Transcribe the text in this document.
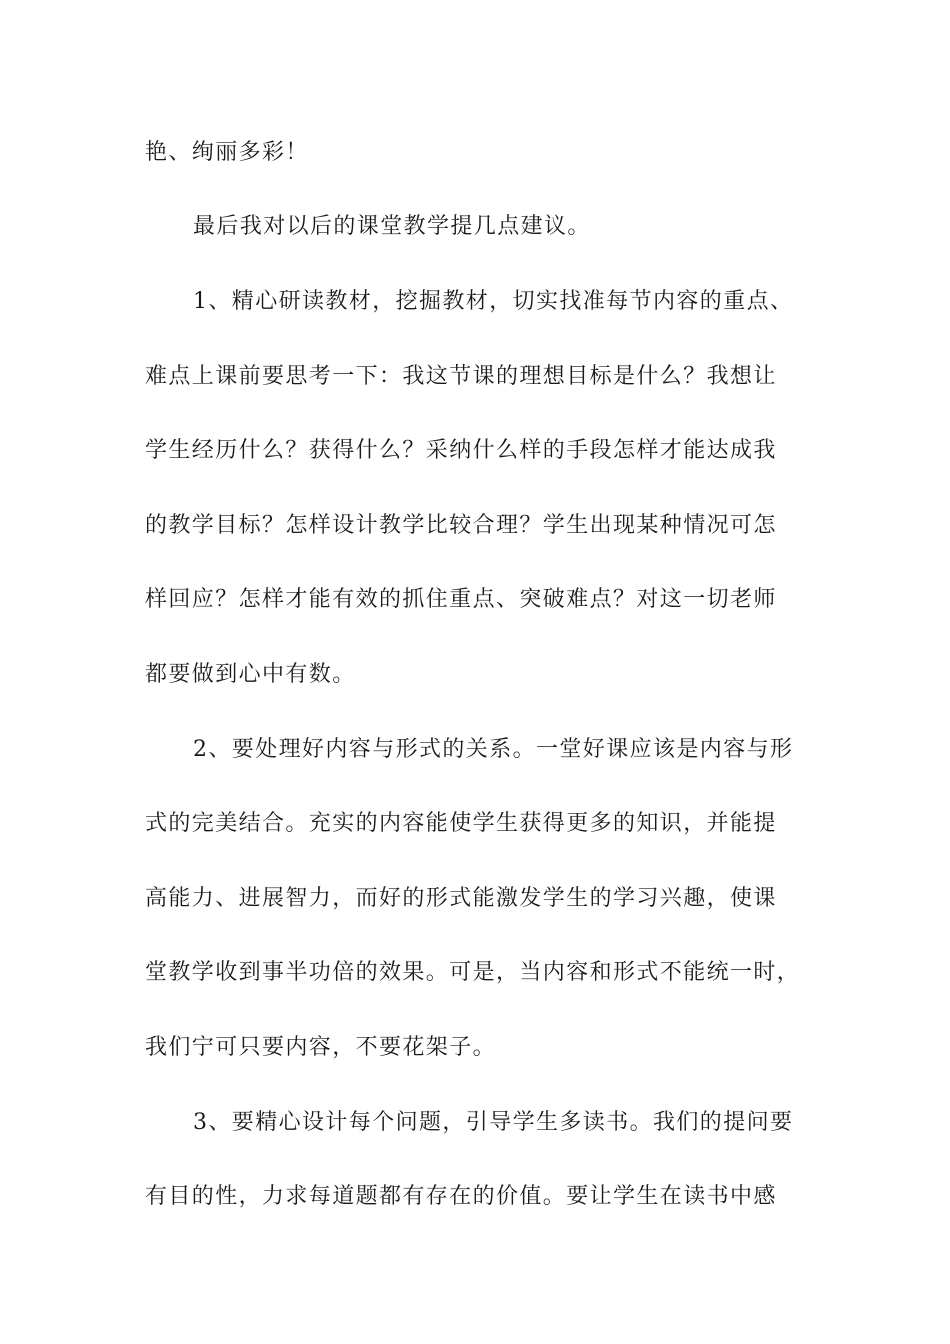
艳、绚丽多彩！
最后我对以后的课堂教学提几点建议。
1、精心研读教材，挖掘教材，切实找准每节内容的重点、
难点上课前要思考一下：我这节课的理想目标是什么？我想让
学生经历什么？获得什么？采纳什么样的手段怎样才能达成我
的教学目标？怎样设计教学比较合理？学生出现某种情况可怎
样回应？怎样才能有效的抓住重点、突破难点？对这一切老师
都要做到心中有数。
2、要处理好内容与形式的关系。一堂好课应该是内容与形
式的完美结合。充实的内容能使学生获得更多的知识，并能提
高能力、进展智力，而好的形式能激发学生的学习兴趣，使课
堂教学收到事半功倍的效果。可是，当内容和形式不能统一时，
我们宁可只要内容，不要花架子。
3、要精心设计每个问题，引导学生多读书。我们的提问要
有目的性，力求每道题都有存在的价值。要让学生在读书中感
